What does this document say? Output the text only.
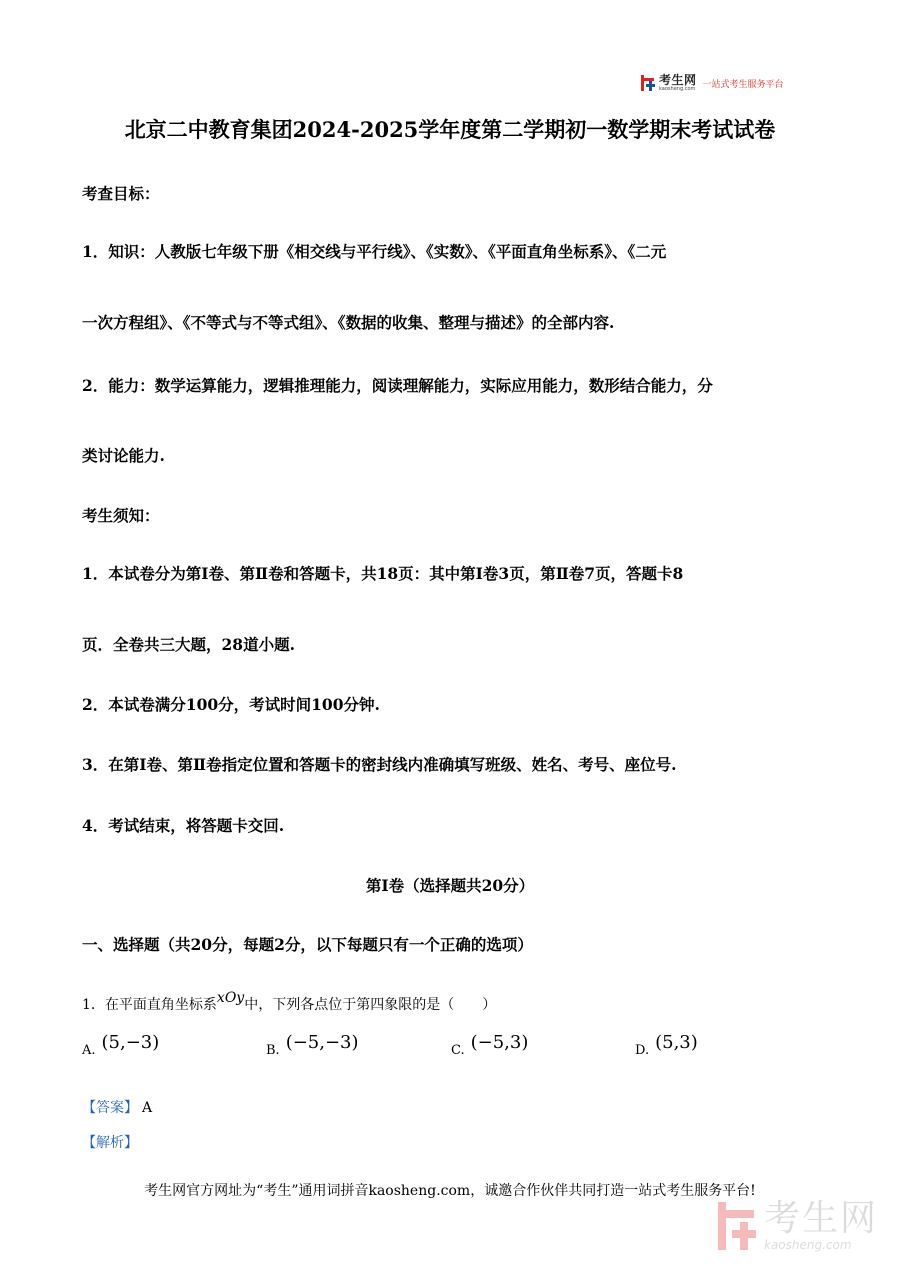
考生网
kaosheng.com 一站式考生服务平台
北京二中教育集团2024-2025学年度第二学期初一数学期末考试试卷
考查目标：
1．知识：人教版七年级下册《相交线与平行线》、《实数》、《平面直角坐标系》、《二元
一次方程组》、《不等式与不等式组》、《数据的收集、整理与描述》的全部内容.
2．能力：数学运算能力，逻辑推理能力，阅读理解能力，实际应用能力，数形结合能力，分
类讨论能力.
考生须知：
1．本试卷分为第Ⅰ卷、第Ⅱ卷和答题卡，共18页：其中第Ⅰ卷3页，第Ⅱ卷7页，答题卡8
页．全卷共三大题，28道小题.
2．本试卷满分100分，考试时间100分钟.
3．在第Ⅰ卷、第Ⅱ卷指定位置和答题卡的密封线内准确填写班级、姓名、考号、座位号.
4．考试结束，将答题卡交回.
第Ⅰ卷（选择题共20分）
一、选择题（共20分，每题2分，以下每题只有一个正确的选项）
1．在平面直角坐标系xOy中，下列各点位于第四象限的是（　　）
A. (5,−3)	B. (−5,−3)	C. (−5,3)	D. (5,3)
【答案】 A
【解析】
考生网官方网址为“考生”通用词拼音kaosheng.com，诚邀合作伙伴共同打造一站式考生服务平台!
考生网
kaosheng.com
